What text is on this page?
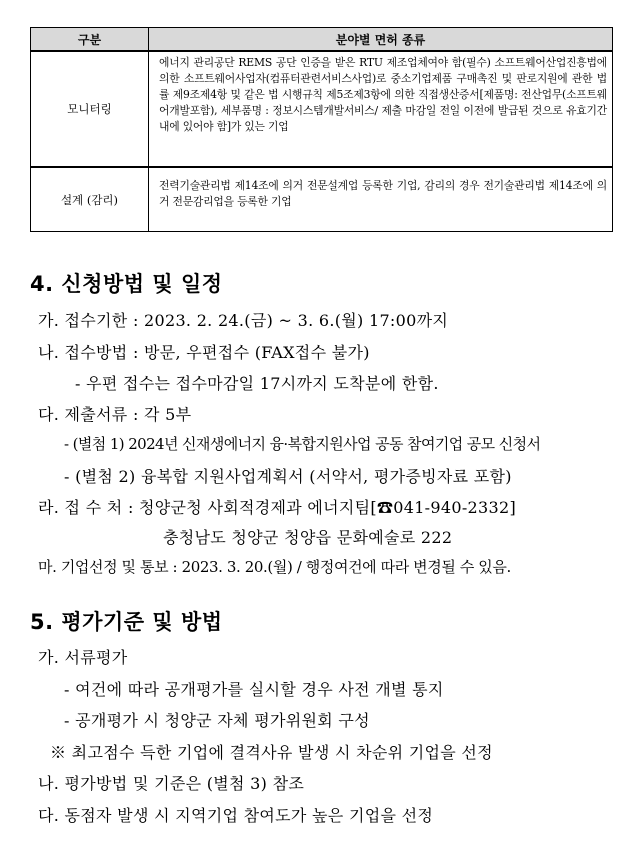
구분	분야별 면허 종류
모니터링	에너지 관리공단 REMS 공단 인증을 받은 RTU 제조업체여야 함(필수) 소프트웨어산업진흥법에 의한 소프트웨어사업자(컴퓨터관련서비스사업)로 중소기업제품 구매촉진 및 판로지원에 관한 법률 제9조제4항 및 같은 법 시행규칙 제5조제3항에 의한 직접생산증서[제품명: 전산업무(소프트웨어개발포함), 세부품명 : 정보시스템개발서비스/ 제출 마감일 전일 이전에 발급된 것으로 유효기간내에 있어야 함]가 있는 기업
설계 (감리)	전력기술관리법 제14조에 의거 전문설계업 등록한 기업, 감리의 경우 전기술관리법 제14조에 의거 전문감리업을 등록한 기업
4. 신청방법 및 일정
가. 접수기한 : 2023. 2. 24.(금) ~ 3. 6.(월) 17:00까지
나. 접수방법 : 방문, 우편접수 (FAX접수 불가)
- 우편 접수는 접수마감일 17시까지 도착분에 한함.
다. 제출서류 : 각 5부
- (별첨 1) 2024년 신재생에너지 융·복합지원사업 공동 참여기업 공모 신청서
- (별첨 2) 융복합 지원사업계획서 (서약서, 평가증빙자료 포함)
라. 접 수 처 : 청양군청 사회적경제과 에너지팀[☎041-940-2332]
충청남도 청양군 청양읍 문화예술로 222
마. 기업선정 및 통보 : 2023. 3. 20.(월) / 행정여건에 따라 변경될 수 있음.
5. 평가기준 및 방법
가. 서류평가
- 여건에 따라 공개평가를 실시할 경우 사전 개별 통지
- 공개평가 시 청양군 자체 평가위원회 구성
※ 최고점수 득한 기업에 결격사유 발생 시 차순위 기업을 선정
나. 평가방법 및 기준은 (별첨 3) 참조
다. 동점자 발생 시 지역기업 참여도가 높은 기업을 선정
